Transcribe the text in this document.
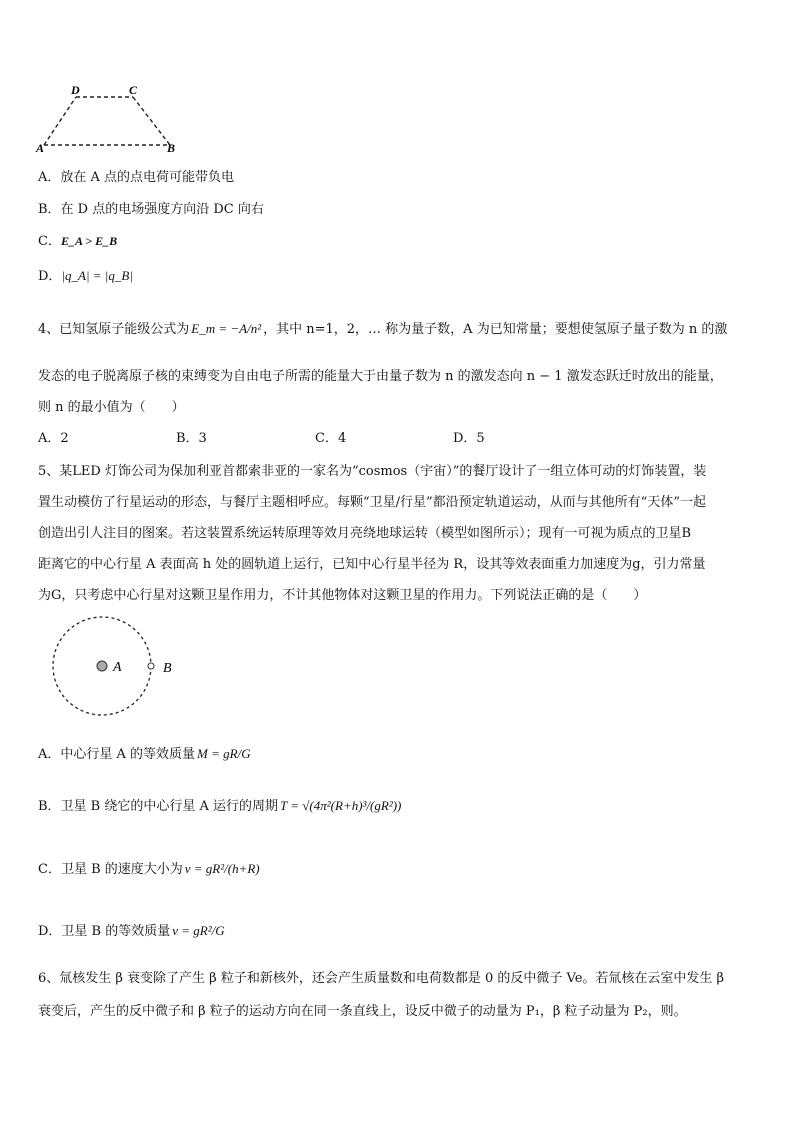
D	C
A	B
A．放在 A 点的点电荷可能带负电
B．在 D 点的电场强度方向沿 DC 向右
C．E_A > E_B
D．|q_A| = |q_B|
4、已知氢原子能级公式为 E_m = −A/n² ，其中 n=1，2，… 称为量子数，A 为已知常量；要想使氢原子量子数为 n 的激
发态的电子脱离原子核的束缚变为自由电子所需的能量大于由量子数为 n 的激发态向 n − 1 激发态跃迁时放出的能量，
则 n 的最小值为（　　）
A．2	B．3	C．4	D．5
5、某LED 灯饰公司为保加利亚首都索非亚的一家名为“cosmos（宇宙）”的餐厅设计了一组立体可动的灯饰装置，装
置生动模仿了行星运动的形态，与餐厅主题相呼应。每颗“卫星/行星”都沿预定轨道运动，从而与其他所有“天体”一起
创造出引人注目的图案。若这装置系统运转原理等效月亮绕地球运转（模型如图所示）；现有一可视为质点的卫星B
距离它的中心行星 A 表面高 h 处的圆轨道上运行，已知中心行星半径为 R，设其等效表面重力加速度为g，引力常量
为G，只考虑中心行星对这颗卫星作用力，不计其他物体对这颗卫星的作用力。下列说法正确的是（　　）
A	B
A．中心行星 A 的等效质量 M = gR/G
B．卫星 B 绕它的中心行星 A 运行的周期 T = √(4π²(R+h)³/(gR²))
C．卫星 B 的速度大小为 v = gR²/(h+R)
D．卫星 B 的等效质量 v = gR²/G
6、氚核发生 β 衰变除了产生 β 粒子和新核外，还会产生质量数和电荷数都是 0 的反中微子 Ve。若氚核在云室中发生 β
衰变后，产生的反中微子和 β 粒子的运动方向在同一条直线上，设反中微子的动量为 P₁，β 粒子动量为 P₂，则。
